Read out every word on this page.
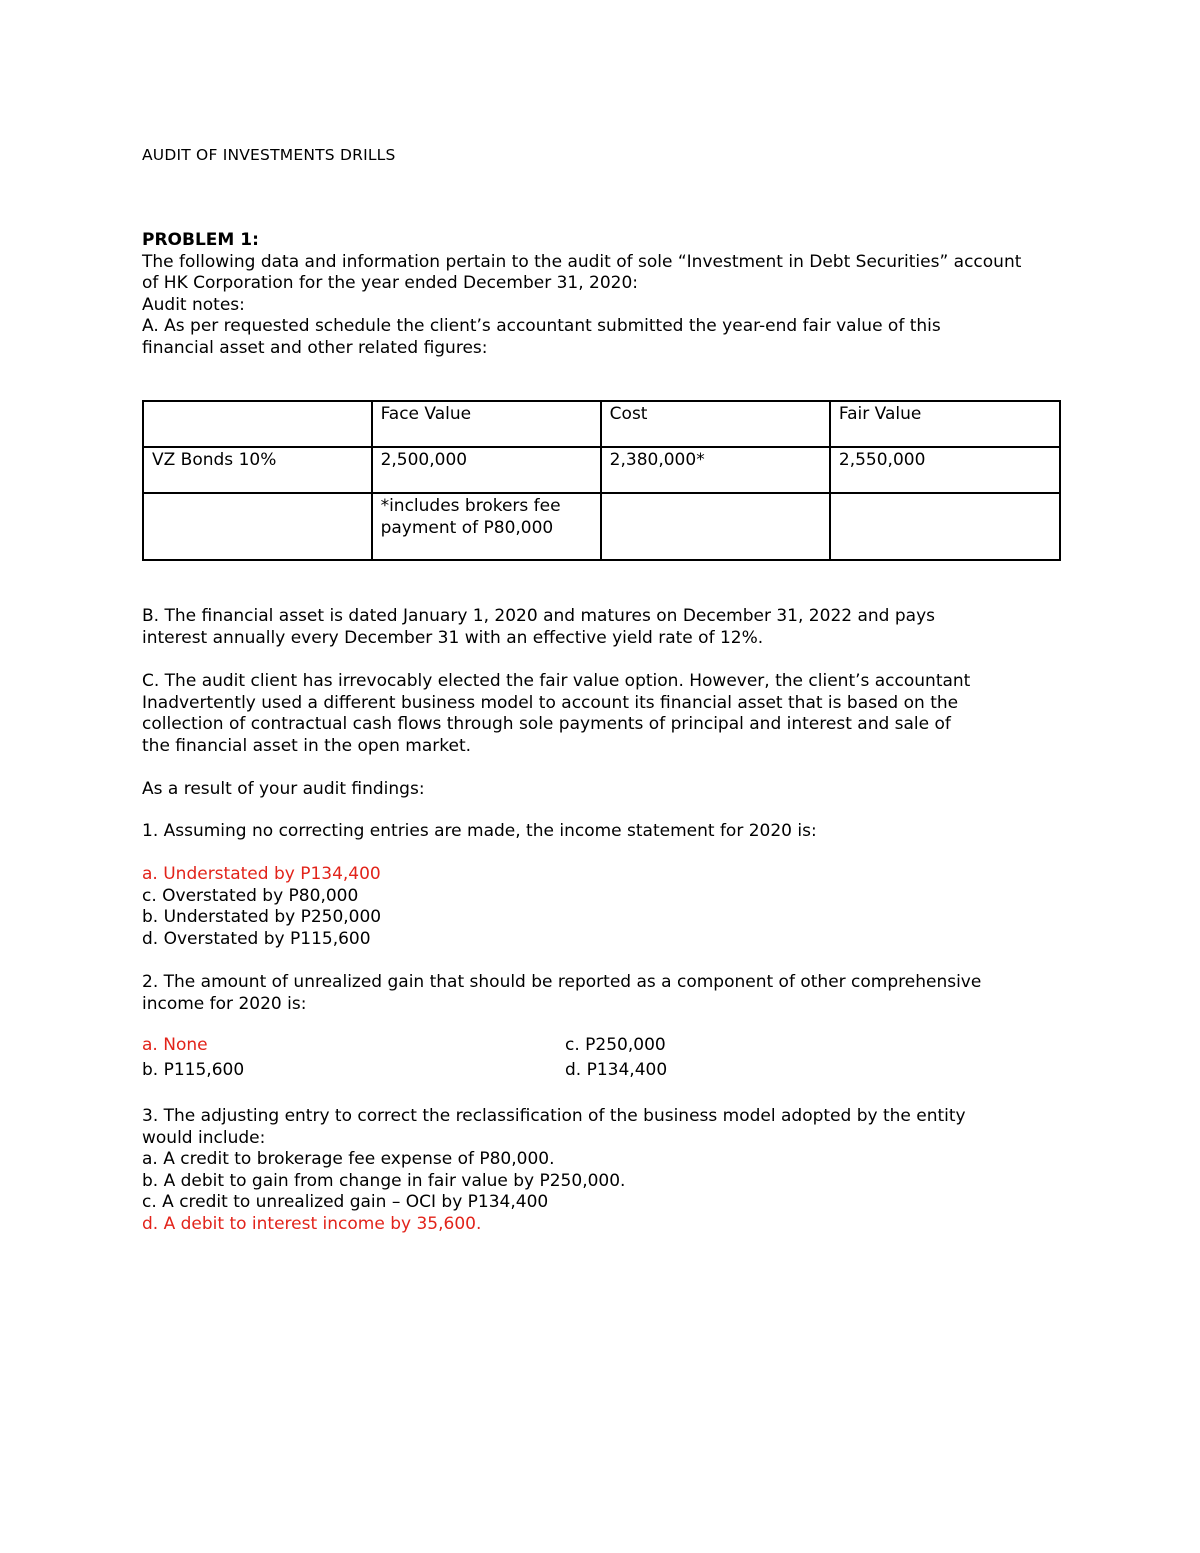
AUDIT OF INVESTMENTS DRILLS
PROBLEM 1:
The following data and information pertain to the audit of sole “Investment in Debt Securities” account
of HK Corporation for the year ended December 31, 2020:
Audit notes:
A. As per requested schedule the client’s accountant submitted the year-end fair value of this
financial asset and other related figures:
	Face Value	Cost	Fair Value
VZ Bonds 10%	2,500,000	2,380,000*	2,550,000

	*includes brokers fee
payment of P80,000		

B. The financial asset is dated January 1, 2020 and matures on December 31, 2022 and pays
interest annually every December 31 with an effective yield rate of 12%.
C. The audit client has irrevocably elected the fair value option. However, the client’s accountant
Inadvertently used a different business model to account its financial asset that is based on the
collection of contractual cash flows through sole payments of principal and interest and sale of
the financial asset in the open market.
As a result of your audit findings:
1. Assuming no correcting entries are made, the income statement for 2020 is:
a. Understated by P134,400
c. Overstated by P80,000
b. Understated by P250,000
d. Overstated by P115,600
2. The amount of unrealized gain that should be reported as a component of other comprehensive
income for 2020 is:
a. None	c. P250,000
b. P115,600	d. P134,400
3. The adjusting entry to correct the reclassification of the business model adopted by the entity
would include:
a. A credit to brokerage fee expense of P80,000.
b. A debit to gain from change in fair value by P250,000.
c. A credit to unrealized gain – OCI by P134,400
d. A debit to interest income by 35,600.
